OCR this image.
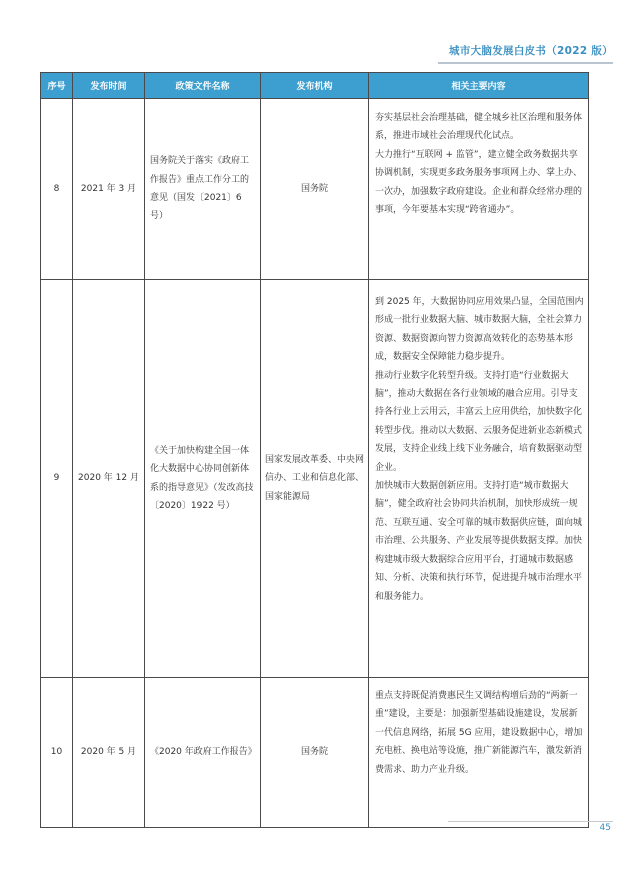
城市大脑发展白皮书（2022 版）
序号	发布时间	政策文件名称	发布机构	相关主要内容
8	2021 年 3 月	国务院关于落实《政府工作报告》重点工作分工的意见（国发〔2021〕6 号）	国务院	夯实基层社会治理基础，健全城乡社区治理和服务体系，推进市域社会治理现代化试点。

大力推行“互联网 + 监管”，建立健全政务数据共享协调机制，实现更多政务服务事项网上办、掌上办、一次办，加强数字政府建设。企业和群众经常办理的事项，今年要基本实现“跨省通办”。

9	2020 年 12 月	《关于加快构建全国一体化大数据中心协同创新体系的指导意见》（发改高技〔2020〕1922 号）	国家发展改革委、中央网信办、工业和信息化部、国家能源局	到 2025 年，大数据协同应用效果凸显，全国范围内形成一批行业数据大脑、城市数据大脑，全社会算力资源、数据资源向智力资源高效转化的态势基本形成，数据安全保障能力稳步提升。

推动行业数字化转型升级。支持打造“行业数据大脑”，推动大数据在各行业领域的融合应用。引导支持各行业上云用云，丰富云上应用供给，加快数字化转型步伐。推动以大数据、云服务促进新业态新模式发展，支持企业线上线下业务融合，培育数据驱动型企业。

加快城市大数据创新应用。支持打造“城市数据大脑”，健全政府社会协同共治机制，加快形成统一规范、互联互通、安全可靠的城市数据供应链，面向城市治理、公共服务、产业发展等提供数据支撑。加快构建城市级大数据综合应用平台，打通城市数据感知、分析、决策和执行环节，促进提升城市治理水平和服务能力。

10	2020 年 5 月	《2020 年政府工作报告》	国务院	重点支持既促消费惠民生又调结构增后劲的“两新一重”建设，主要是：加强新型基础设施建设，发展新一代信息网络，拓展 5G 应用，建设数据中心，增加充电桩、换电站等设施，推广新能源汽车，激发新消费需求、助力产业升级。

45
